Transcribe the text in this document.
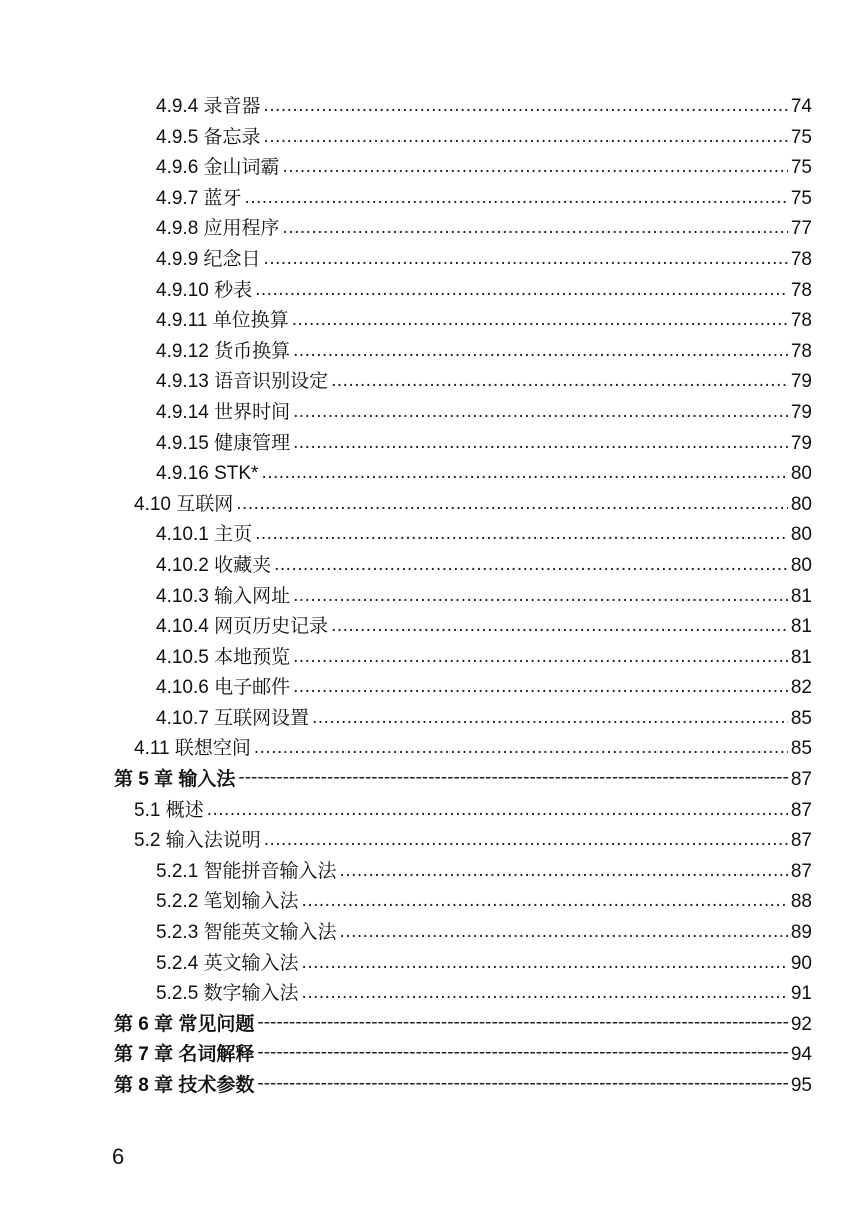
4.9.4 录音器 .....	74
4.9.5 备忘录 .....	75
4.9.6 金山词霸 .....	75
4.9.7 蓝牙 .....	75
4.9.8 应用程序 .....	77
4.9.9 纪念日 .....	78
4.9.10 秒表 .....	78
4.9.11 单位换算 .....	78
4.9.12 货币换算 .....	78
4.9.13 语音识别设定 .....	79
4.9.14 世界时间 .....	79
4.9.15 健康管理 .....	79
4.9.16 STK* .....	80
4.10 互联网 .....	80
4.10.1 主页 .....	80
4.10.2 收藏夹 .....	80
4.10.3 输入网址 .....	81
4.10.4 网页历史记录 .....	81
4.10.5 本地预览 .....	81
4.10.6 电子邮件 .....	82
4.10.7 互联网设置 .....	85
4.11 联想空间 .....	85
第 5 章 输入法 -----	87
5.1 概述 .....	87
5.2 输入法说明 .....	87
5.2.1 智能拼音输入法 .....	87
5.2.2 笔划输入法 .....	88
5.2.3 智能英文输入法 .....	89
5.2.4 英文输入法 .....	90
5.2.5 数字输入法 .....	91
第 6 章 常见问题 -----	92
第 7 章 名词解释 -----	94
第 8 章 技术参数 -----	95
6
